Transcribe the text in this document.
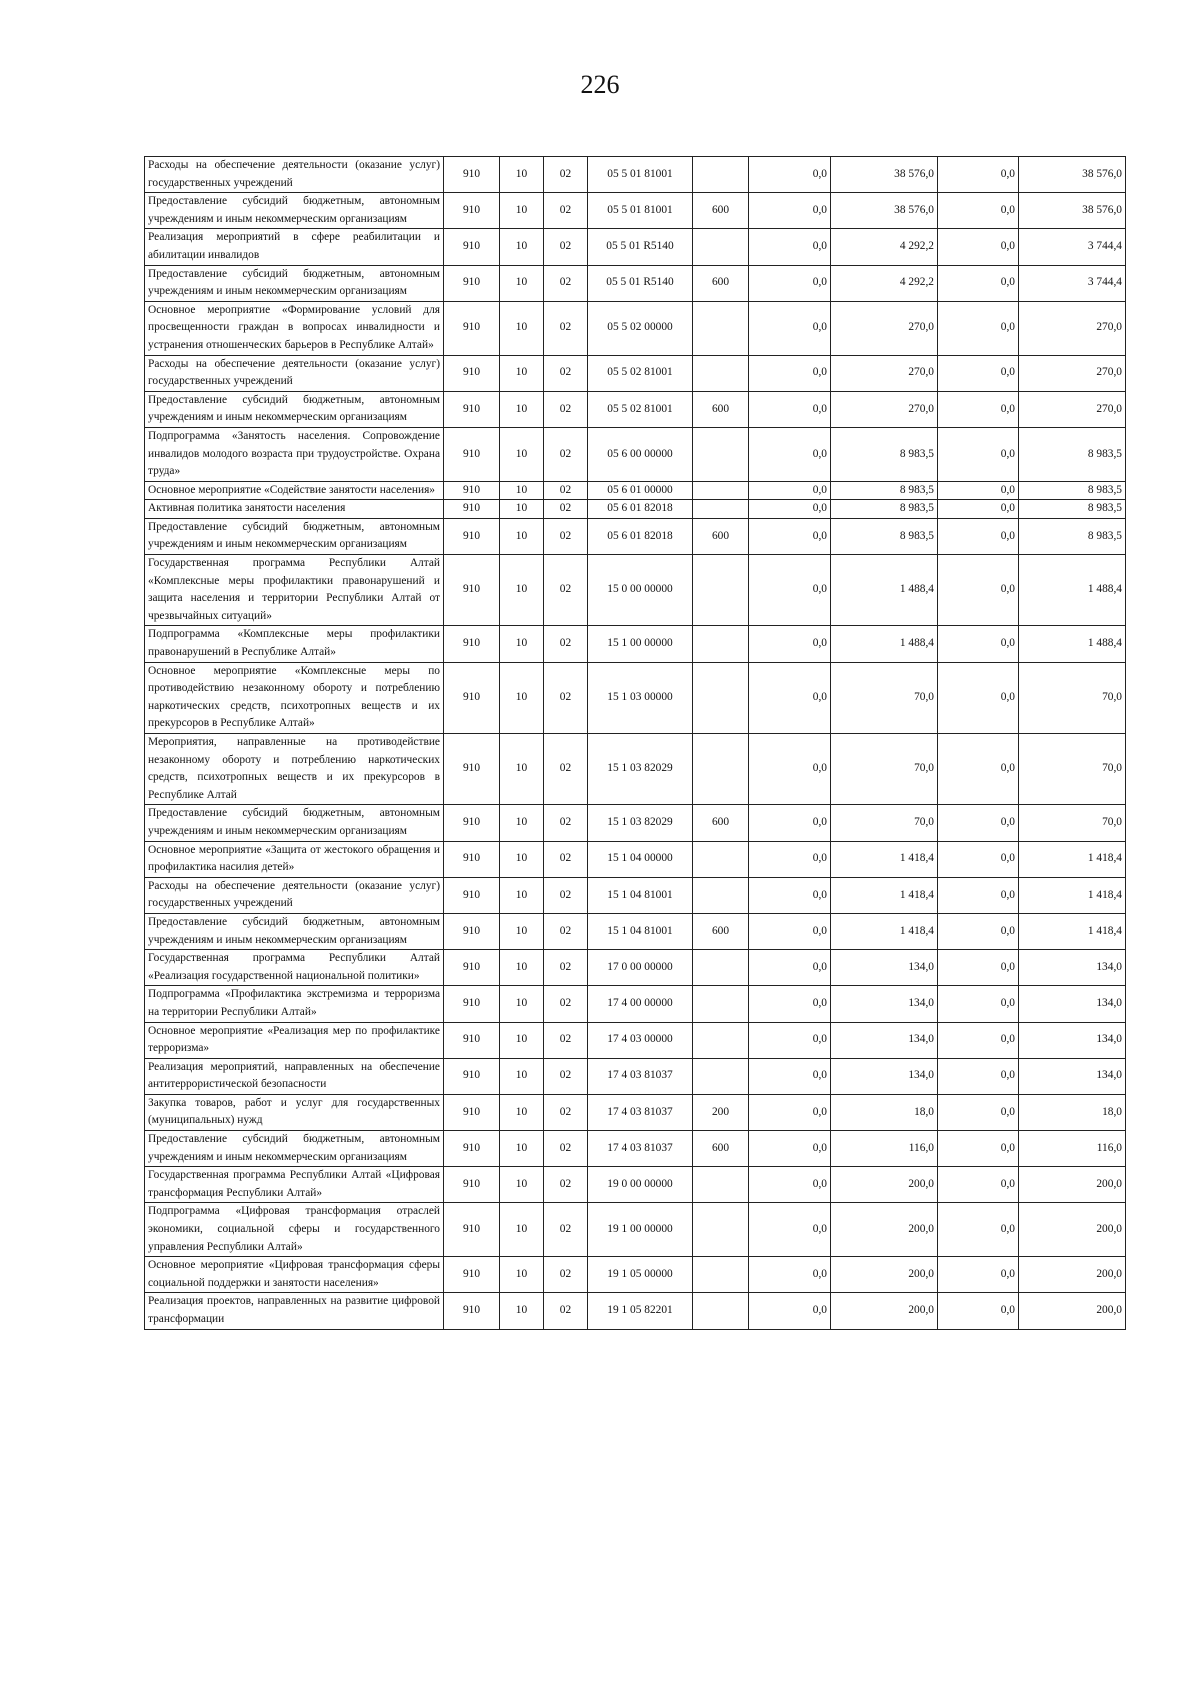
226
Расходы на обеспечение деятельности (оказание услуг) государственных учреждений	910	10	02	05 5 01 81001		0,0	38 576,0	0,0	38 576,0
Предоставление субсидий бюджетным, автономным учреждениям и иным некоммерческим организациям	910	10	02	05 5 01 81001	600	0,0	38 576,0	0,0	38 576,0
Реализация мероприятий в сфере реабилитации и абилитации инвалидов	910	10	02	05 5 01 R5140		0,0	4 292,2	0,0	3 744,4
Предоставление субсидий бюджетным, автономным учреждениям и иным некоммерческим организациям	910	10	02	05 5 01 R5140	600	0,0	4 292,2	0,0	3 744,4
Основное мероприятие «Формирование условий для просвещенности граждан в вопросах инвалидности и устранения отношенческих барьеров в Республике Алтай»	910	10	02	05 5 02 00000		0,0	270,0	0,0	270,0
Расходы на обеспечение деятельности (оказание услуг) государственных учреждений	910	10	02	05 5 02 81001		0,0	270,0	0,0	270,0
Предоставление субсидий бюджетным, автономным учреждениям и иным некоммерческим организациям	910	10	02	05 5 02 81001	600	0,0	270,0	0,0	270,0
Подпрограмма «Занятость населения. Сопровождение инвалидов молодого возраста при трудоустройстве. Охрана труда»	910	10	02	05 6 00 00000		0,0	8 983,5	0,0	8 983,5
Основное мероприятие «Содействие занятости населения»	910	10	02	05 6 01 00000		0,0	8 983,5	0,0	8 983,5
Активная политика занятости населения	910	10	02	05 6 01 82018		0,0	8 983,5	0,0	8 983,5
Предоставление субсидий бюджетным, автономным учреждениям и иным некоммерческим организациям	910	10	02	05 6 01 82018	600	0,0	8 983,5	0,0	8 983,5
Государственная программа Республики Алтай «Комплексные меры профилактики правонарушений и защита населения и территории Республики Алтай от чрезвычайных ситуаций»	910	10	02	15 0 00 00000		0,0	1 488,4	0,0	1 488,4
Подпрограмма «Комплексные меры профилактики правонарушений в Республике Алтай»	910	10	02	15 1 00 00000		0,0	1 488,4	0,0	1 488,4
Основное мероприятие «Комплексные меры по противодействию незаконному обороту и потреблению наркотических средств, психотропных веществ и их прекурсоров в Республике Алтай»	910	10	02	15 1 03 00000		0,0	70,0	0,0	70,0
Мероприятия, направленные на противодействие незаконному обороту и потреблению наркотических средств, психотропных веществ и их прекурсоров в Республике Алтай	910	10	02	15 1 03 82029		0,0	70,0	0,0	70,0
Предоставление субсидий бюджетным, автономным учреждениям и иным некоммерческим организациям	910	10	02	15 1 03 82029	600	0,0	70,0	0,0	70,0
Основное мероприятие «Защита от жестокого обращения и профилактика насилия детей»	910	10	02	15 1 04 00000		0,0	1 418,4	0,0	1 418,4
Расходы на обеспечение деятельности (оказание услуг) государственных учреждений	910	10	02	15 1 04 81001		0,0	1 418,4	0,0	1 418,4
Предоставление субсидий бюджетным, автономным учреждениям и иным некоммерческим организациям	910	10	02	15 1 04 81001	600	0,0	1 418,4	0,0	1 418,4
Государственная программа Республики Алтай «Реализация государственной национальной политики»	910	10	02	17 0 00 00000		0,0	134,0	0,0	134,0
Подпрограмма «Профилактика экстремизма и терроризма на территории Республики Алтай»	910	10	02	17 4 00 00000		0,0	134,0	0,0	134,0
Основное мероприятие «Реализация мер по профилактике терроризма»	910	10	02	17 4 03 00000		0,0	134,0	0,0	134,0
Реализация мероприятий, направленных на обеспечение антитеррористической безопасности	910	10	02	17 4 03 81037		0,0	134,0	0,0	134,0
Закупка товаров, работ и услуг для государственных (муниципальных) нужд	910	10	02	17 4 03 81037	200	0,0	18,0	0,0	18,0
Предоставление субсидий бюджетным, автономным учреждениям и иным некоммерческим организациям	910	10	02	17 4 03 81037	600	0,0	116,0	0,0	116,0
Государственная программа Республики Алтай «Цифровая трансформация Республики Алтай»	910	10	02	19 0 00 00000		0,0	200,0	0,0	200,0
Подпрограмма «Цифровая трансформация отраслей экономики, социальной сферы и государственного управления Республики Алтай»	910	10	02	19 1 00 00000		0,0	200,0	0,0	200,0
Основное мероприятие «Цифровая трансформация сферы социальной поддержки и занятости населения»	910	10	02	19 1 05 00000		0,0	200,0	0,0	200,0
Реализация проектов, направленных на развитие цифровой трансформации	910	10	02	19 1 05 82201		0,0	200,0	0,0	200,0
